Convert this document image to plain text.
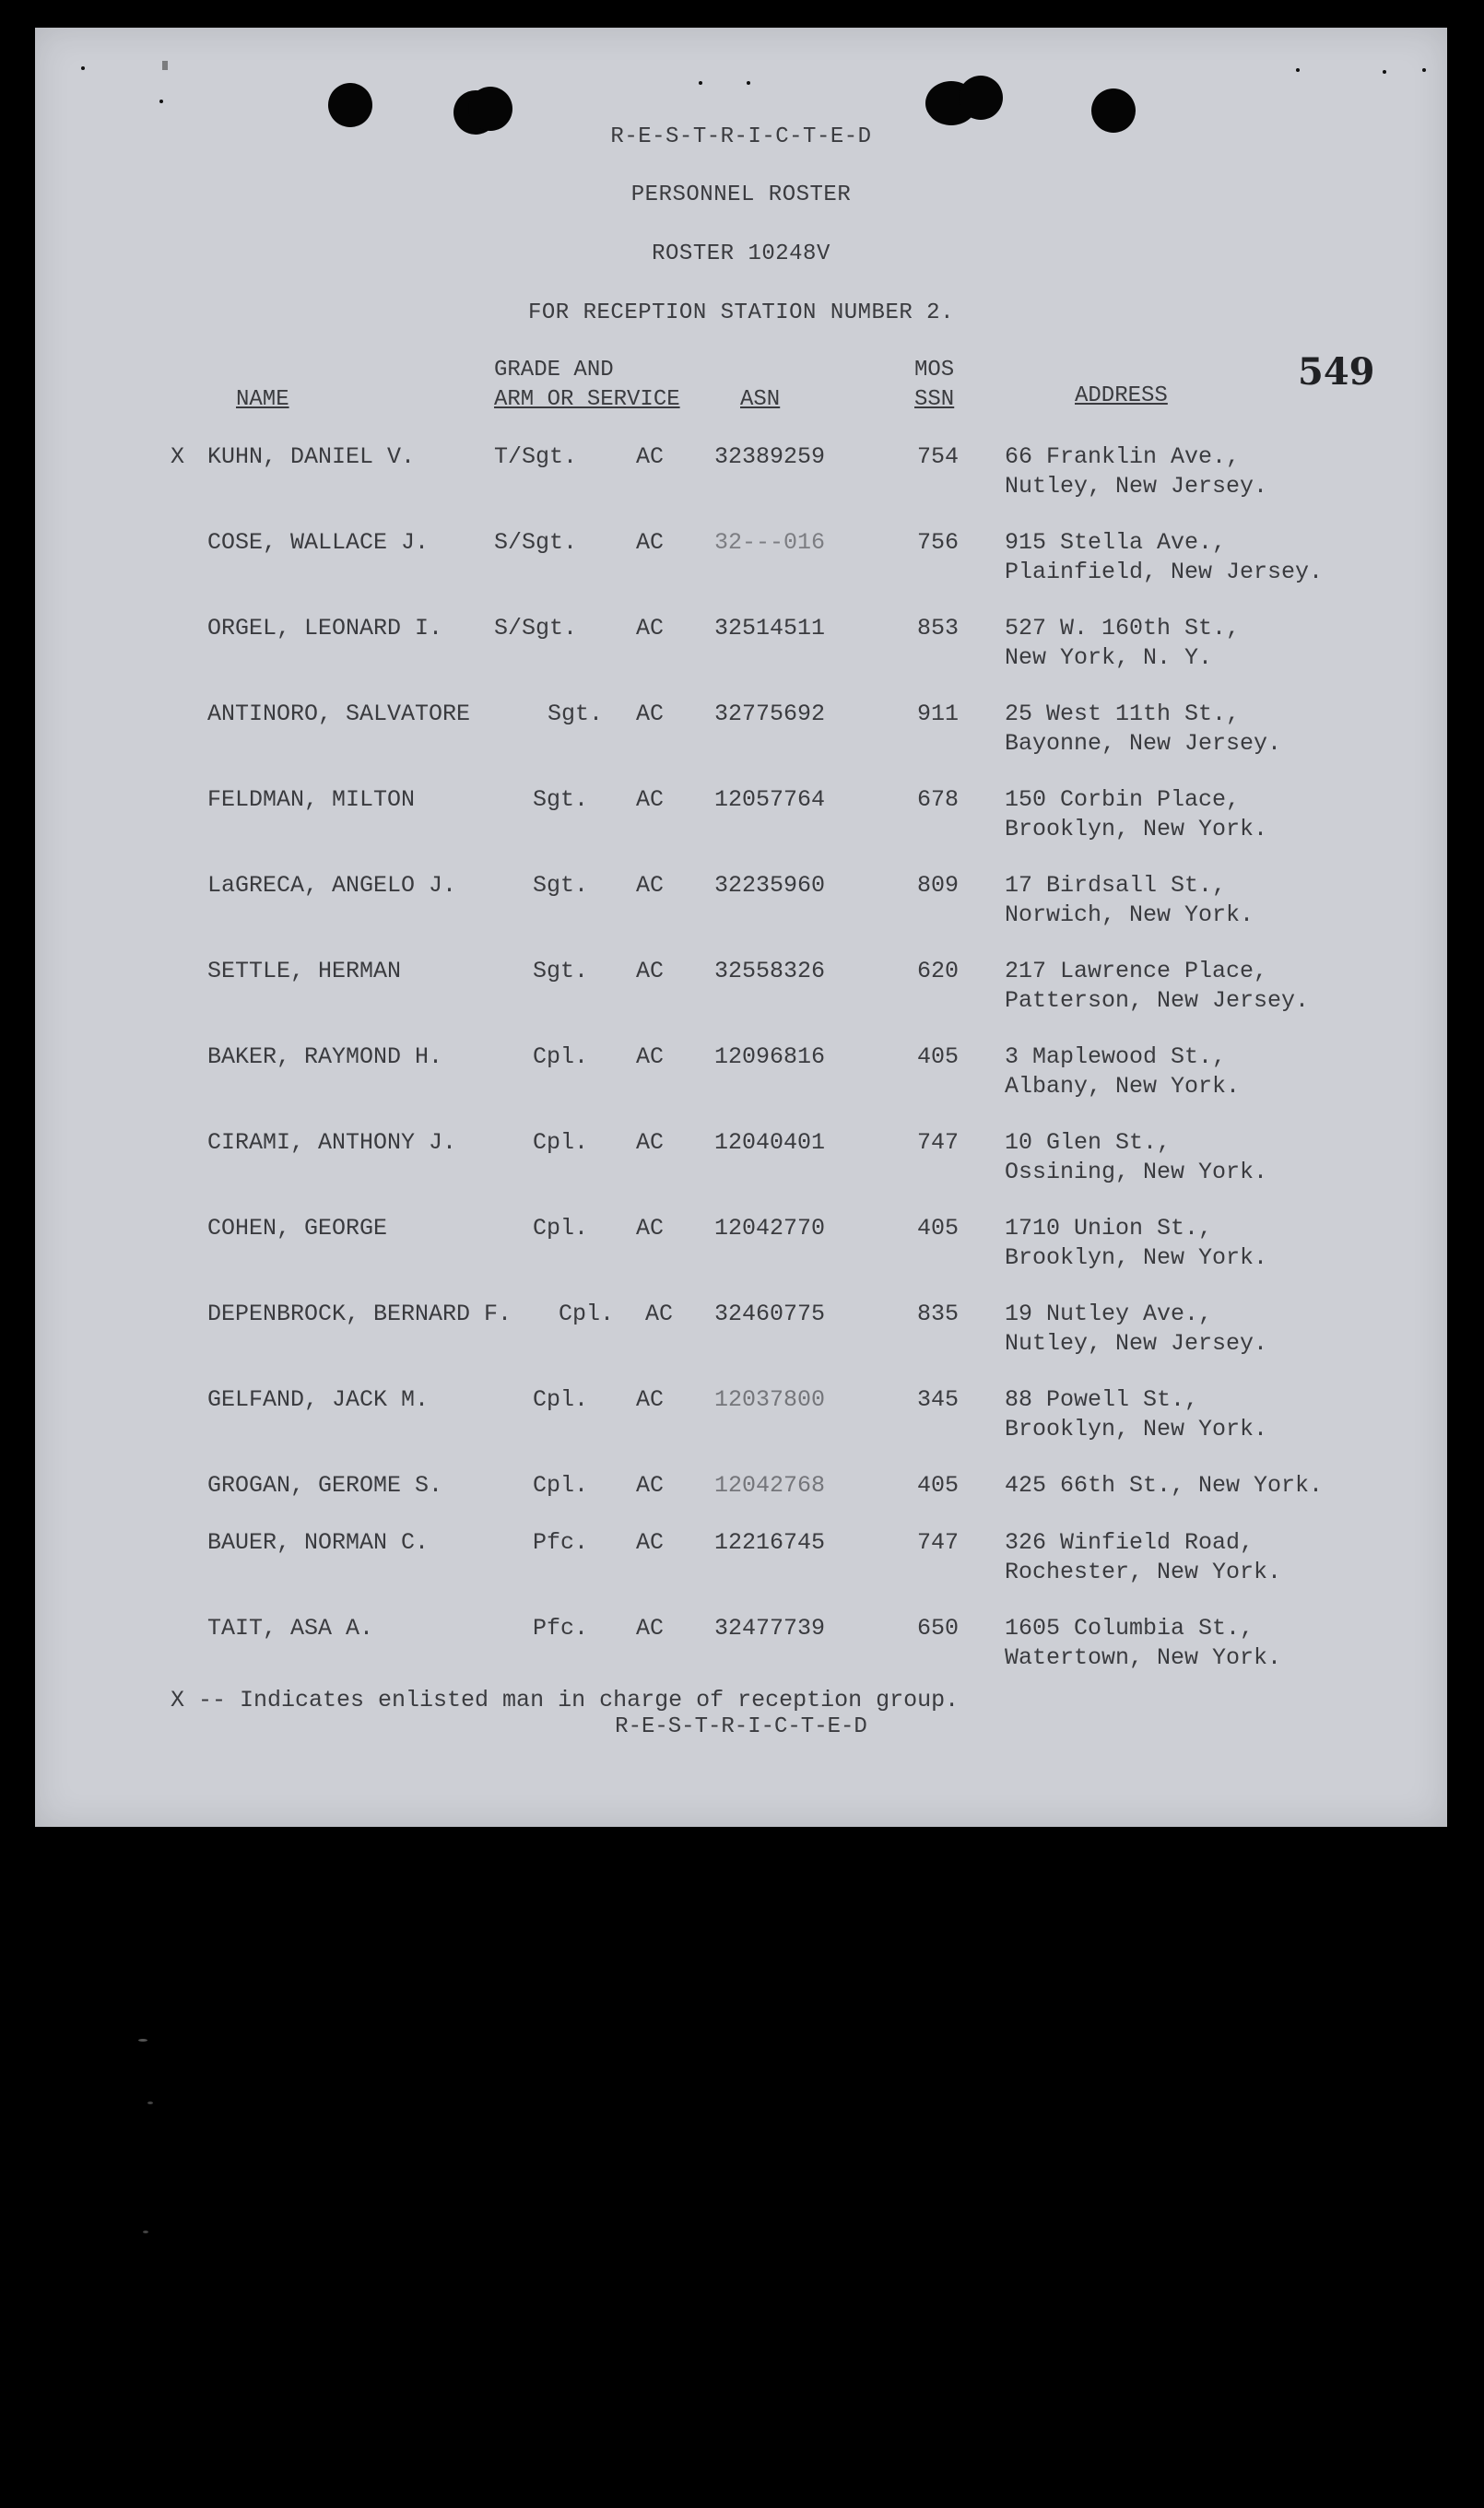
R-E-S-T-R-I-C-T-E-D
PERSONNEL ROSTER
ROSTER 10248V
FOR RECEPTION STATION NUMBER 2.
549
NAME
GRADE AND
ARM OR SERVICE	ASN
MOS
SSN	ADDRESS
X KUHN, DANIEL V.	T/Sgt.	AC 32389259	754 66 Franklin Ave.,
Nutley, New Jersey.
COSE, WALLACE J.	S/Sgt.	AC 32---016	756 915 Stella Ave.,
Plainfield, New Jersey.
ORGEL, LEONARD I. S/Sgt.	AC 32514511	853 527 W. 160th St.,
New York, N. Y.
ANTINORO, SALVATORE	Sgt. AC 32775692	911 25 West 11th St.,
Bayonne, New Jersey.
FELDMAN, MILTON	Sgt. AC 12057764	678 150 Corbin Place,
Brooklyn, New York.
LaGRECA, ANGELO J.	Sgt. AC 32235960	809 17 Birdsall St.,
Norwich, New York.
SETTLE, HERMAN	Sgt. AC 32558326	620 217 Lawrence Place,
Patterson, New Jersey.
BAKER, RAYMOND H.	Cpl. AC 12096816	405 3 Maplewood St.,
Albany, New York.
CIRAMI, ANTHONY J.	Cpl. AC 12040401	747 10 Glen St.,
Ossining, New York.
COHEN, GEORGE	Cpl. AC 12042770	405 1710 Union St.,
Brooklyn, New York.
DEPENBROCK, BERNARD F. Cpl. AC 32460775	835 19 Nutley Ave.,
Nutley, New Jersey.
GELFAND, JACK M.	Cpl. AC 12037800	345 88 Powell St.,
Brooklyn, New York.
GROGAN, GEROME S.	Cpl. AC 12042768	405 425 66th St., New York.
BAUER, NORMAN C.	Pfc. AC 12216745	747 326 Winfield Road,
Rochester, New York.
TAIT, ASA A.	Pfc. AC 32477739	650 1605 Columbia St.,
Watertown, New York.
X -- Indicates enlisted man in charge of reception group.
R-E-S-T-R-I-C-T-E-D
